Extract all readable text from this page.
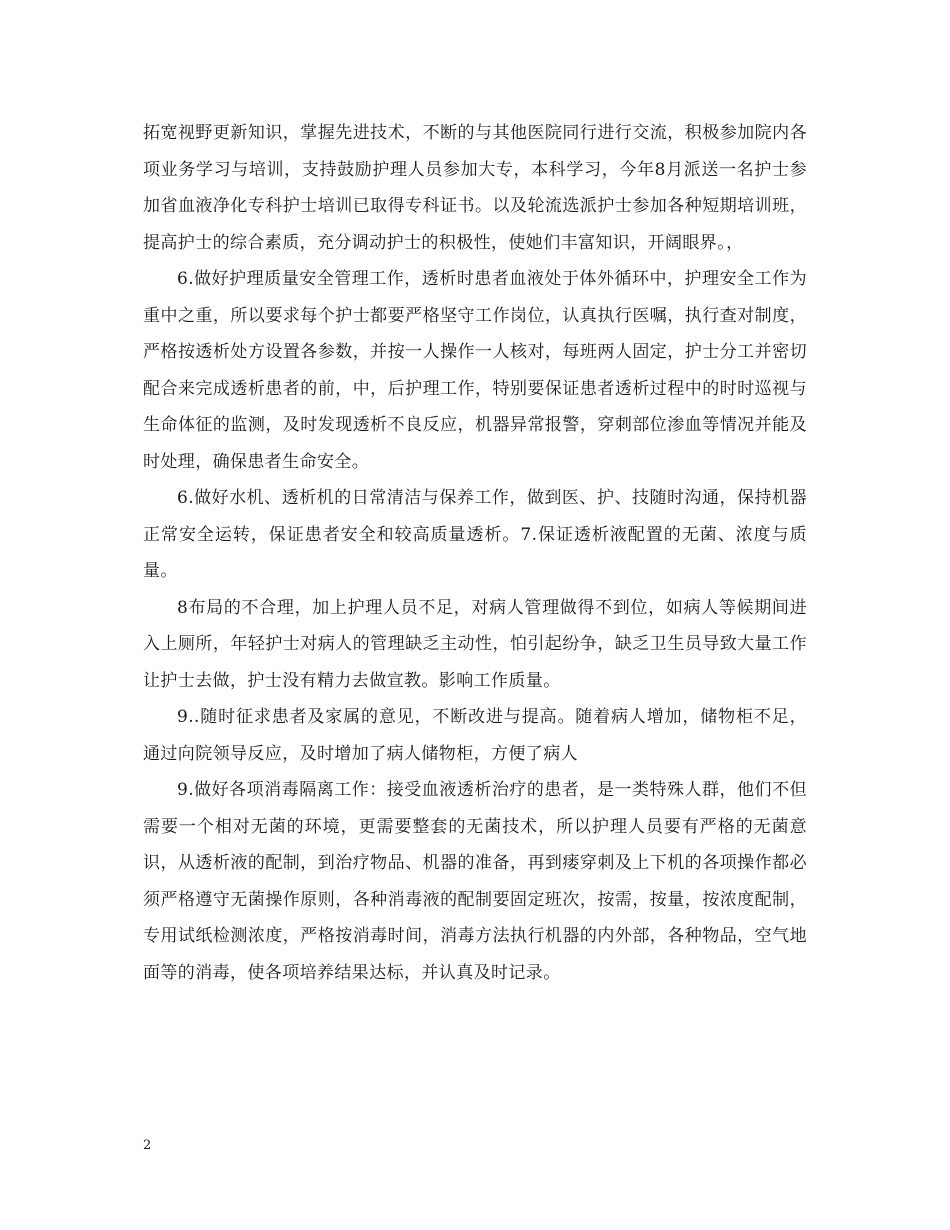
拓宽视野更新知识，掌握先进技术，不断的与其他医院同行进行交流，积极参加院内各项业务学习与培训，支持鼓励护理人员参加大专，本科学习，今年8月派送一名护士参加省血液净化专科护士培训已取得专科证书。以及轮流选派护士参加各种短期培训班，提高护士的综合素质，充分调动护士的积极性，使她们丰富知识，开阔眼界。，

6.做好护理质量安全管理工作，透析时患者血液处于体外循环中，护理安全工作为重中之重，所以要求每个护士都要严格坚守工作岗位，认真执行医嘱，执行查对制度，严格按透析处方设置各参数，并按一人操作一人核对，每班两人固定，护士分工并密切配合来完成透析患者的前，中，后护理工作，特别要保证患者透析过程中的时时巡视与生命体征的监测，及时发现透析不良反应，机器异常报警，穿刺部位渗血等情况并能及时处理，确保患者生命安全。

6.做好水机、透析机的日常清洁与保养工作，做到医、护、技随时沟通，保持机器正常安全运转，保证患者安全和较高质量透析。7.保证透析液配置的无菌、浓度与质量。

8布局的不合理，加上护理人员不足，对病人管理做得不到位，如病人等候期间进入上厕所，年轻护士对病人的管理缺乏主动性，怕引起纷争，缺乏卫生员导致大量工作让护士去做，护士没有精力去做宣教。影响工作质量。

9..随时征求患者及家属的意见，不断改进与提高。随着病人增加，储物柜不足，通过向院领导反应，及时增加了病人储物柜，方便了病人

9.做好各项消毒隔离工作：接受血液透析治疗的患者，是一类特殊人群，他们不但需要一个相对无菌的环境，更需要整套的无菌技术，所以护理人员要有严格的无菌意识，从透析液的配制，到治疗物品、机器的准备，再到瘘穿刺及上下机的各项操作都必须严格遵守无菌操作原则，各种消毒液的配制要固定班次，按需，按量，按浓度配制，专用试纸检测浓度，严格按消毒时间，消毒方法执行机器的内外部，各种物品，空气地面等的消毒，使各项培养结果达标，并认真及时记录。

2
